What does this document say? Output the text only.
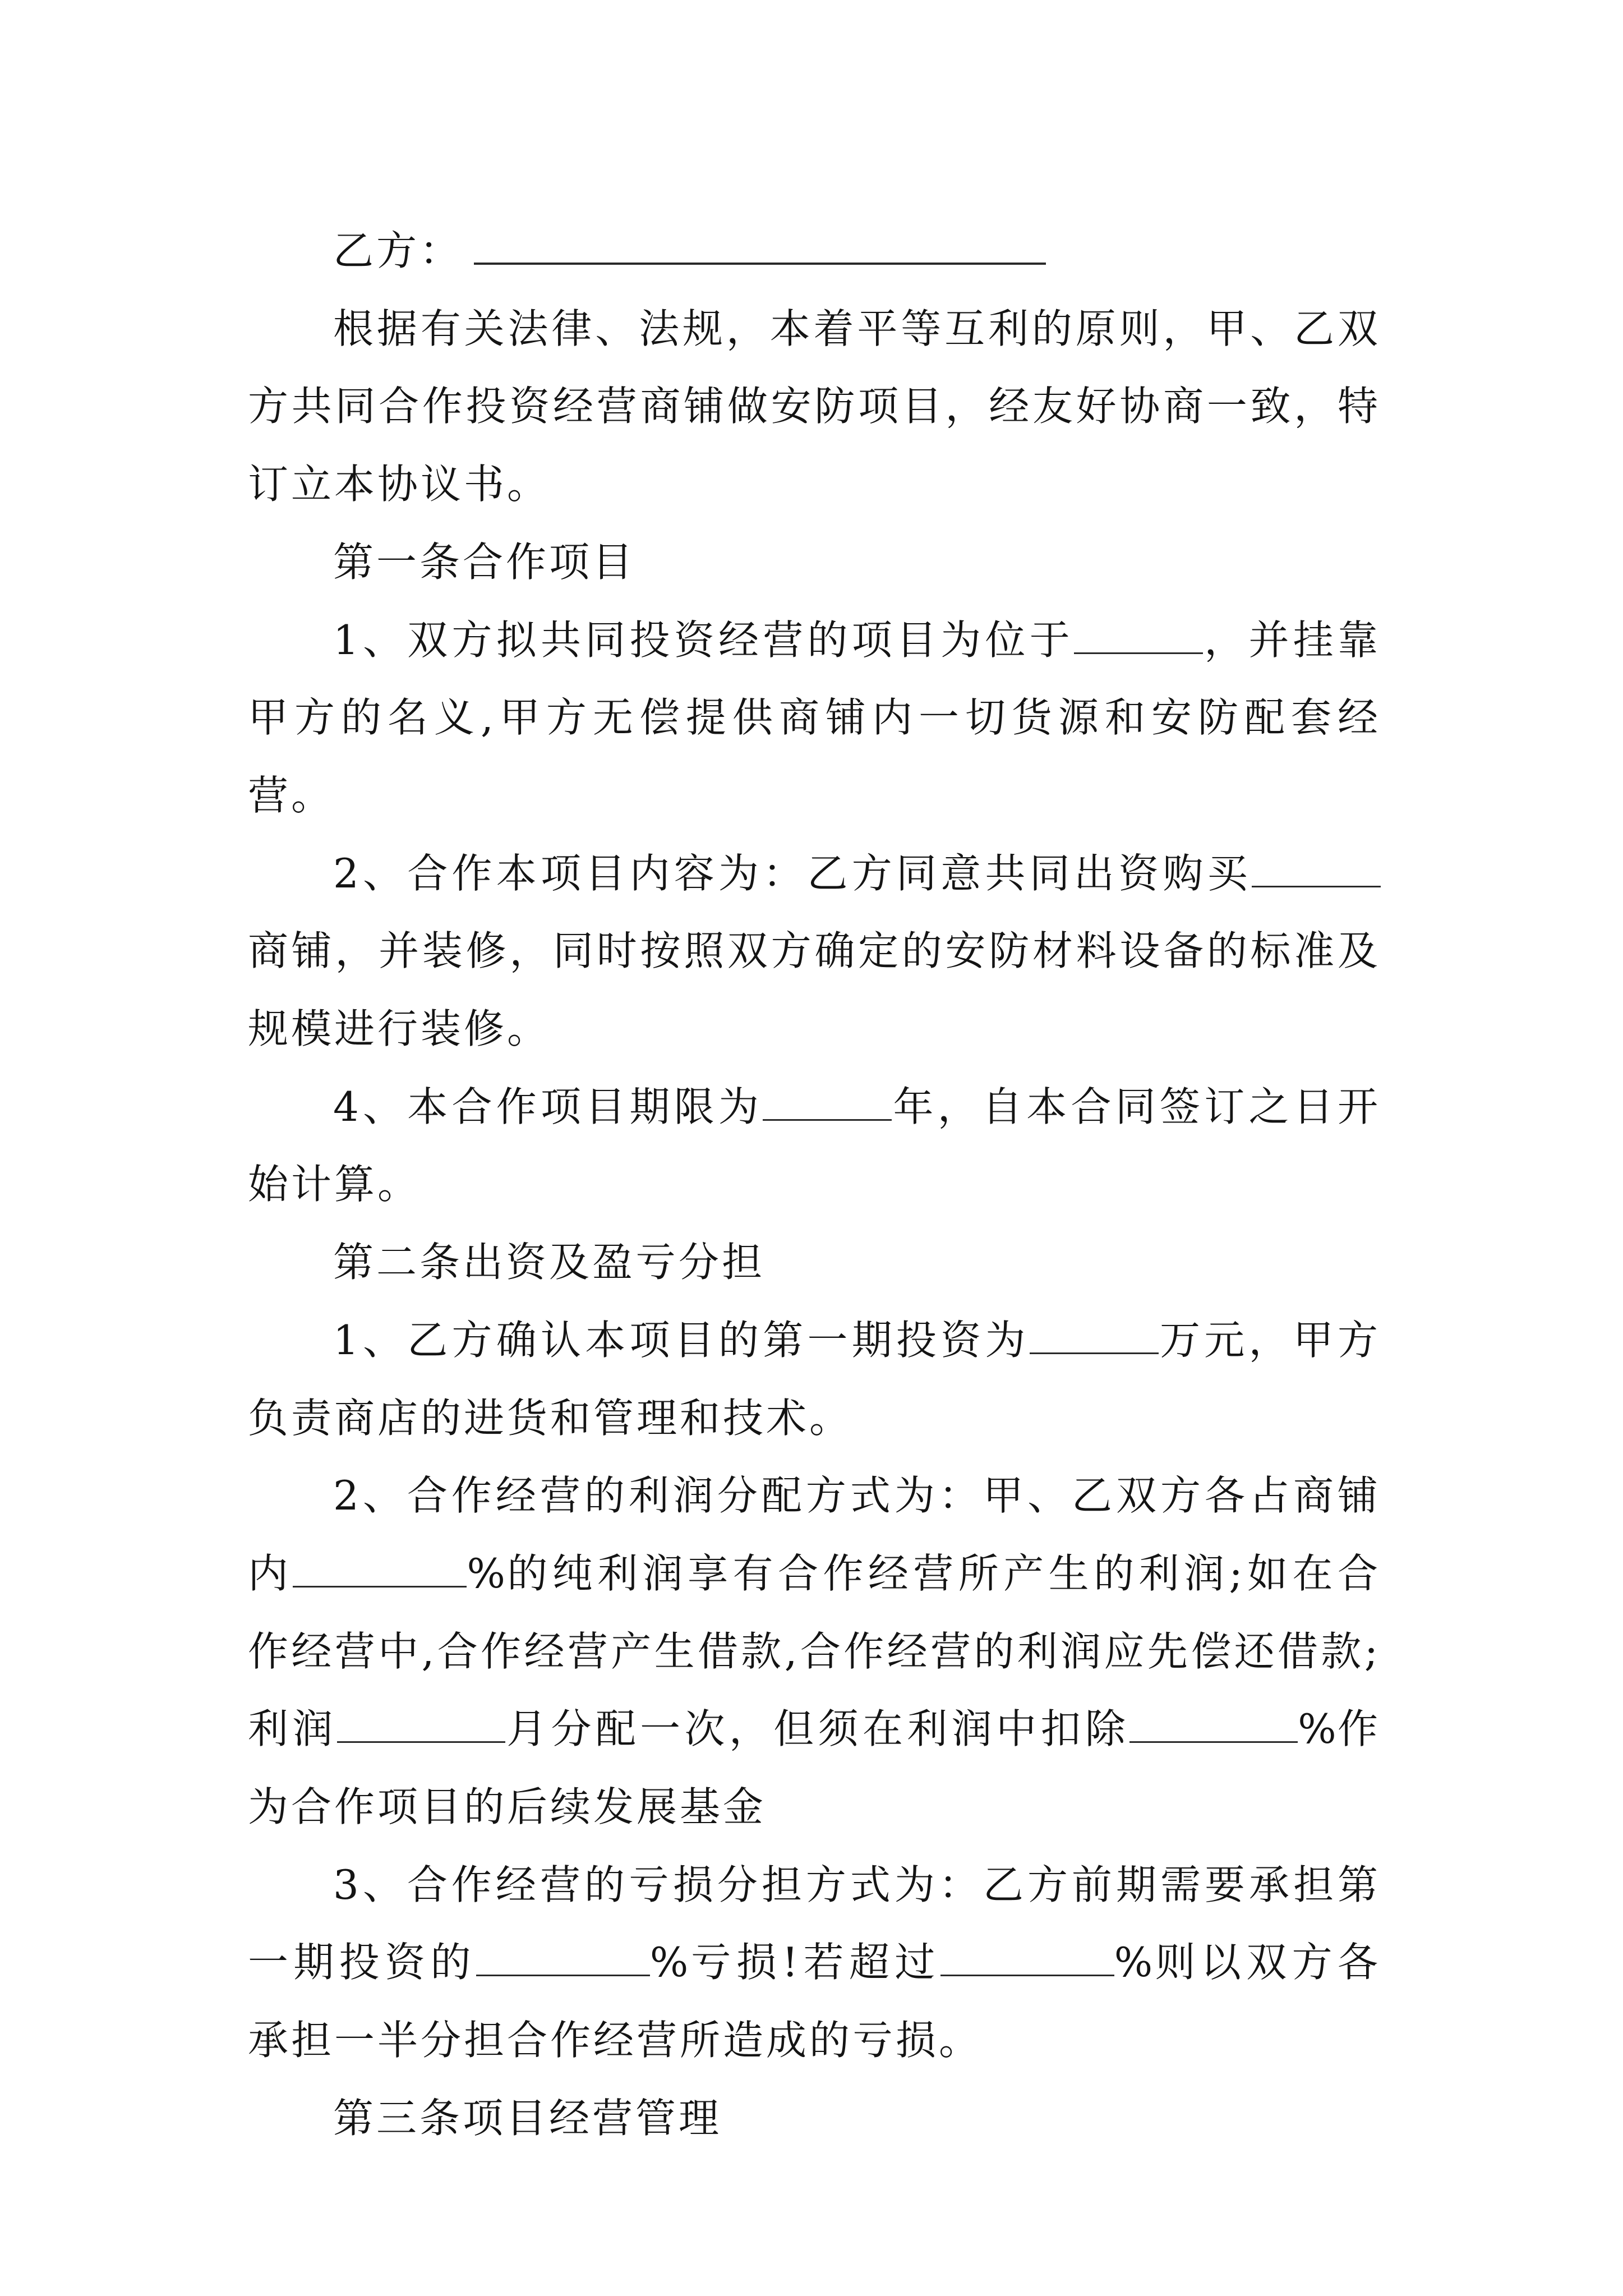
乙方：

根据有关法律、法规，本着平等互利的原则，甲、乙双方共同合作投资经营商铺做安防项目，经友好协商一致，特订立本协议书。

第一条合作项目

1、双方拟共同投资经营的项目为位于	，并挂靠甲方的名义,甲方无偿提供商铺内一切货源和安防配套经营。

2、合作本项目内容为：乙方同意共同出资购买商铺，并装修，同时按照双方确定的安防材料设备的标准及规模进行装修。

4、本合作项目期限为	年，自本合同签订之日开始计算。

第二条出资及盈亏分担

1、乙方确认本项目的第一期投资为	万元，甲方负责商店的进货和管理和技术。

2、合作经营的利润分配方式为：甲、乙双方各占商铺内	%的纯利润享有合作经营所产生的利润;如在合作经营中,合作经营产生借款,合作经营的利润应先偿还借款;利润	月分配一次，但须在利润中扣除	%作为合作项目的后续发展基金

3、合作经营的亏损分担方式为：乙方前期需要承担第一期投资的	%亏损!若超过	%则以双方各承担一半分担合作经营所造成的亏损。

第三条项目经营管理
